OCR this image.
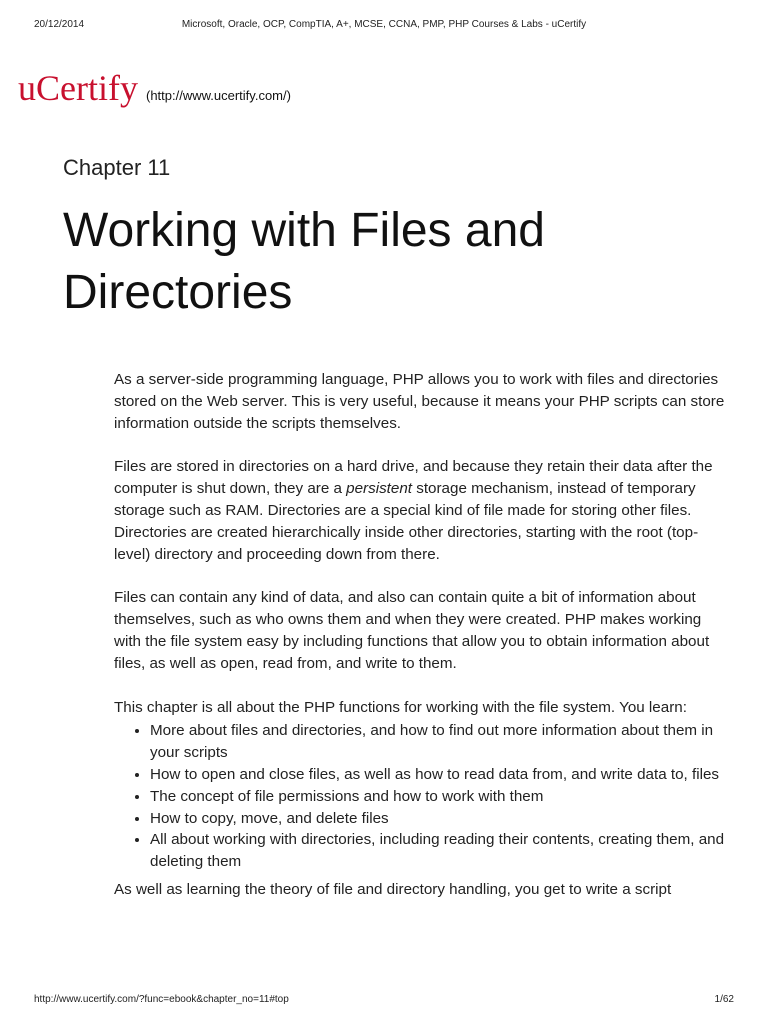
20/12/2014	Microsoft, Oracle, OCP, CompTIA, A+, MCSE, CCNA, PMP, PHP Courses & Labs - uCertify
uCertify (http://www.ucertify.com/)
Chapter 11
Working with Files and Directories

As a server-side programming language, PHP allows you to work with files and directories stored on the Web server. This is very useful, because it means your PHP scripts can store information outside the scripts themselves.

Files are stored in directories on a hard drive, and because they retain their data after the computer is shut down, they are a persistent storage mechanism, instead of temporary storage such as RAM. Directories are a special kind of file made for storing other files. Directories are created hierarchically inside other directories, starting with the root (top-level) directory and proceeding down from there.

Files can contain any kind of data, and also can contain quite a bit of information about themselves, such as who owns them and when they were created. PHP makes working with the file system easy by including functions that allow you to obtain information about files, as well as open, read from, and write to them.

This chapter is all about the PHP functions for working with the file system. You learn:

• More about files and directories, and how to find out more information about them in your scripts
• How to open and close files, as well as how to read data from, and write data to, files
• The concept of file permissions and how to work with them
• How to copy, move, and delete files
• All about working with directories, including reading their contents, creating them, and deleting them

As well as learning the theory of file and directory handling, you get to write a script

http://www.ucertify.com/?func=ebook&chapter_no=11#top	1/62
